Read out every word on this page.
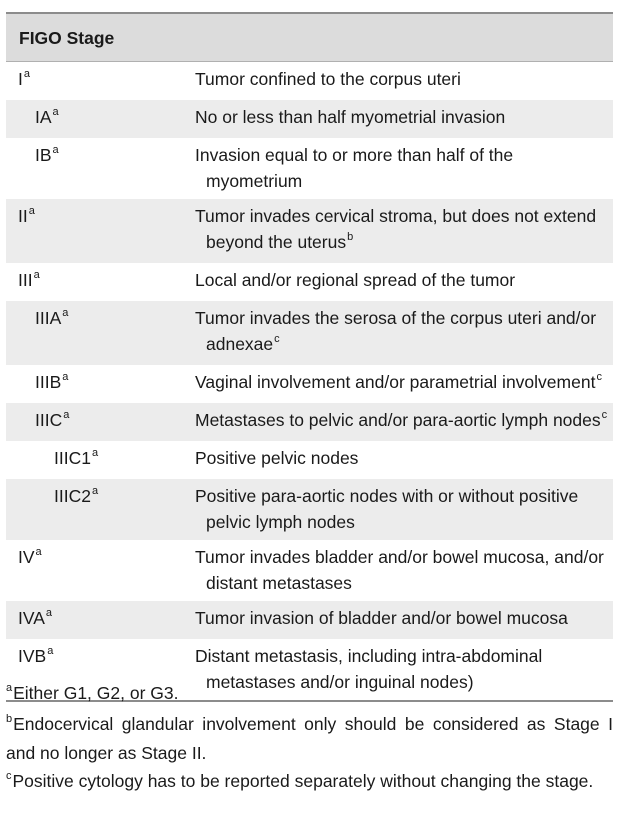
FIGO Stage	
$I^a$	Tumor confined to the corpus uteri
$IA^a$	No or less than half myometrial invasion
$IB^a$	Invasion equal to or more than half of the
myometrium

$II^a$	Tumor invades cervical stroma, but does not extend
beyond the uterus$^b$

III$^a$	Local and/or regional spread of the tumor
IIIA$^a$	Tumor invades the serosa of the corpus uteri and/or
adnexae$^c$

IIIB$^a$	Vaginal involvement and/or parametrial involvement$^c$
IIIC$^a$	Metastases to pelvic and/or para-aortic lymph nodes$^c$
IIIC1$^a$	Positive pelvic nodes
IIIC2$^a$	Positive para-aortic nodes with or without positive
pelvic lymph nodes

$IV^a$	Tumor invades bladder and/or bowel mucosa, and/or
distant metastases

IVA$^a$	Tumor invasion of bladder and/or bowel mucosa
IVB$^a$	Distant metastasis, including intra-abdominal
metastases and/or inguinal nodes)

$^a$Either G1, G2, or G3.

$^b$Endocervical glandular involvement only should be considered as Stage I and no longer as Stage II.

$^c$Positive cytology has to be reported separately without changing the stage.
